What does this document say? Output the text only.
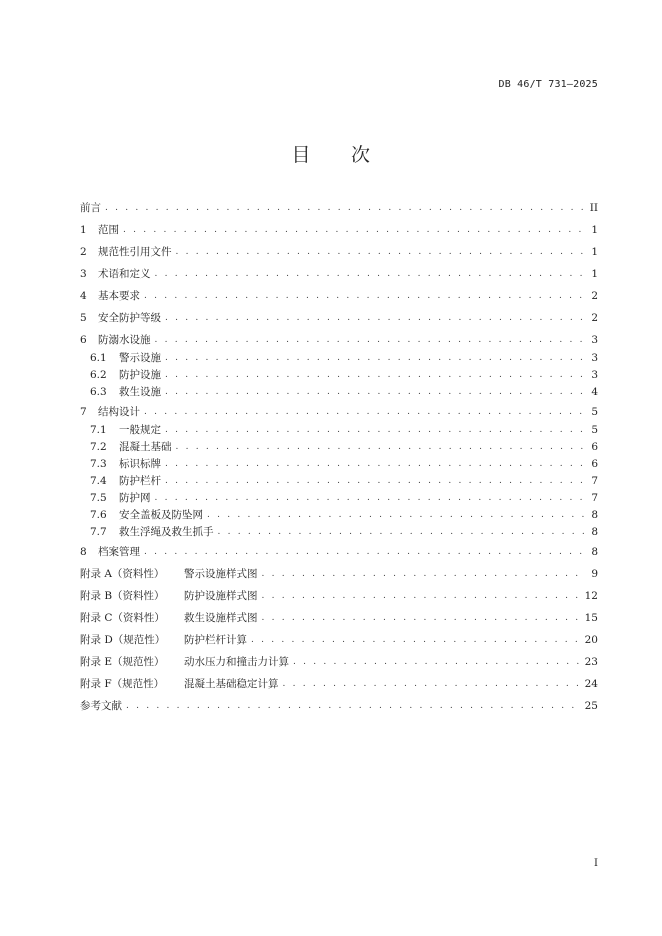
DB 46/T 731—2025
目 次
前言 . . .	II
1	范围 . . .	1
2	规范性引用文件 . . .	1
3	术语和定义 . . .	1
4	基本要求 . . .	2
5	安全防护等级 . . .	2
6	防溺水设施 . . .	3
6.1	警示设施 . . .	3
6.2	防护设施 . . .	3
6.3	救生设施 . . .	4
7	结构设计 . . .	5
7.1	一般规定 . . .	5
7.2	混凝土基础 . . .	6
7.3	标识标牌 . . .	6
7.4	防护栏杆 . . .	7
7.5	防护网 . . .	7
7.6	安全盖板及防坠网 . . .	8
7.7	救生浮绳及救生抓手 . . .	8
8	档案管理 . . .	8
附录 A（资料性）	警示设施样式图 . . .	9
附录 B（资料性）	防护设施样式图 . . .	12
附录 C（资料性）	救生设施样式图 . . .	15
附录 D（规范性）	防护栏杆计算 . . .	20
附录 E（规范性）	动水压力和撞击力计算 . . .	23
附录 F（规范性）	混凝土基础稳定计算 . . .	24
参考文献 . . .	25
I
